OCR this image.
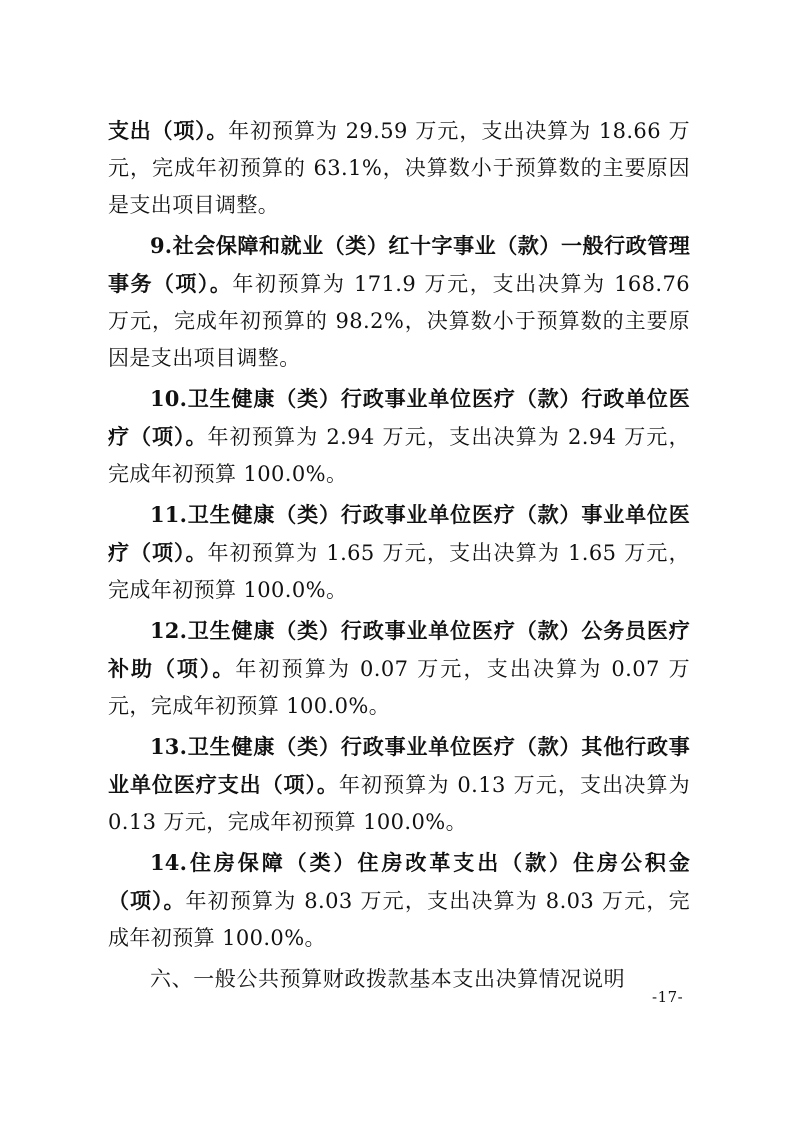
支出（项）。年初预算为 29.59 万元，支出决算为 18.66 万元，完成年初预算的 63.1%，决算数小于预算数的主要原因是支出项目调整。

9.社会保障和就业（类）红十字事业（款）一般行政管理事务（项）。年初预算为 171.9 万元，支出决算为 168.76 万元，完成年初预算的 98.2%，决算数小于预算数的主要原因是支出项目调整。

10.卫生健康（类）行政事业单位医疗（款）行政单位医疗（项）。年初预算为 2.94 万元，支出决算为 2.94 万元，完成年初预算 100.0%。

11.卫生健康（类）行政事业单位医疗（款）事业单位医疗（项）。年初预算为 1.65 万元，支出决算为 1.65 万元，完成年初预算 100.0%。

12.卫生健康（类）行政事业单位医疗（款）公务员医疗补助（项）。年初预算为 0.07 万元，支出决算为 0.07 万元，完成年初预算 100.0%。

13.卫生健康（类）行政事业单位医疗（款）其他行政事业单位医疗支出（项）。年初预算为 0.13 万元，支出决算为 0.13 万元，完成年初预算 100.0%。

14.住房保障（类）住房改革支出（款）住房公积金（项）。年初预算为 8.03 万元，支出决算为 8.03 万元，完成年初预算 100.0%。

六、一般公共预算财政拨款基本支出决算情况说明

-17-
